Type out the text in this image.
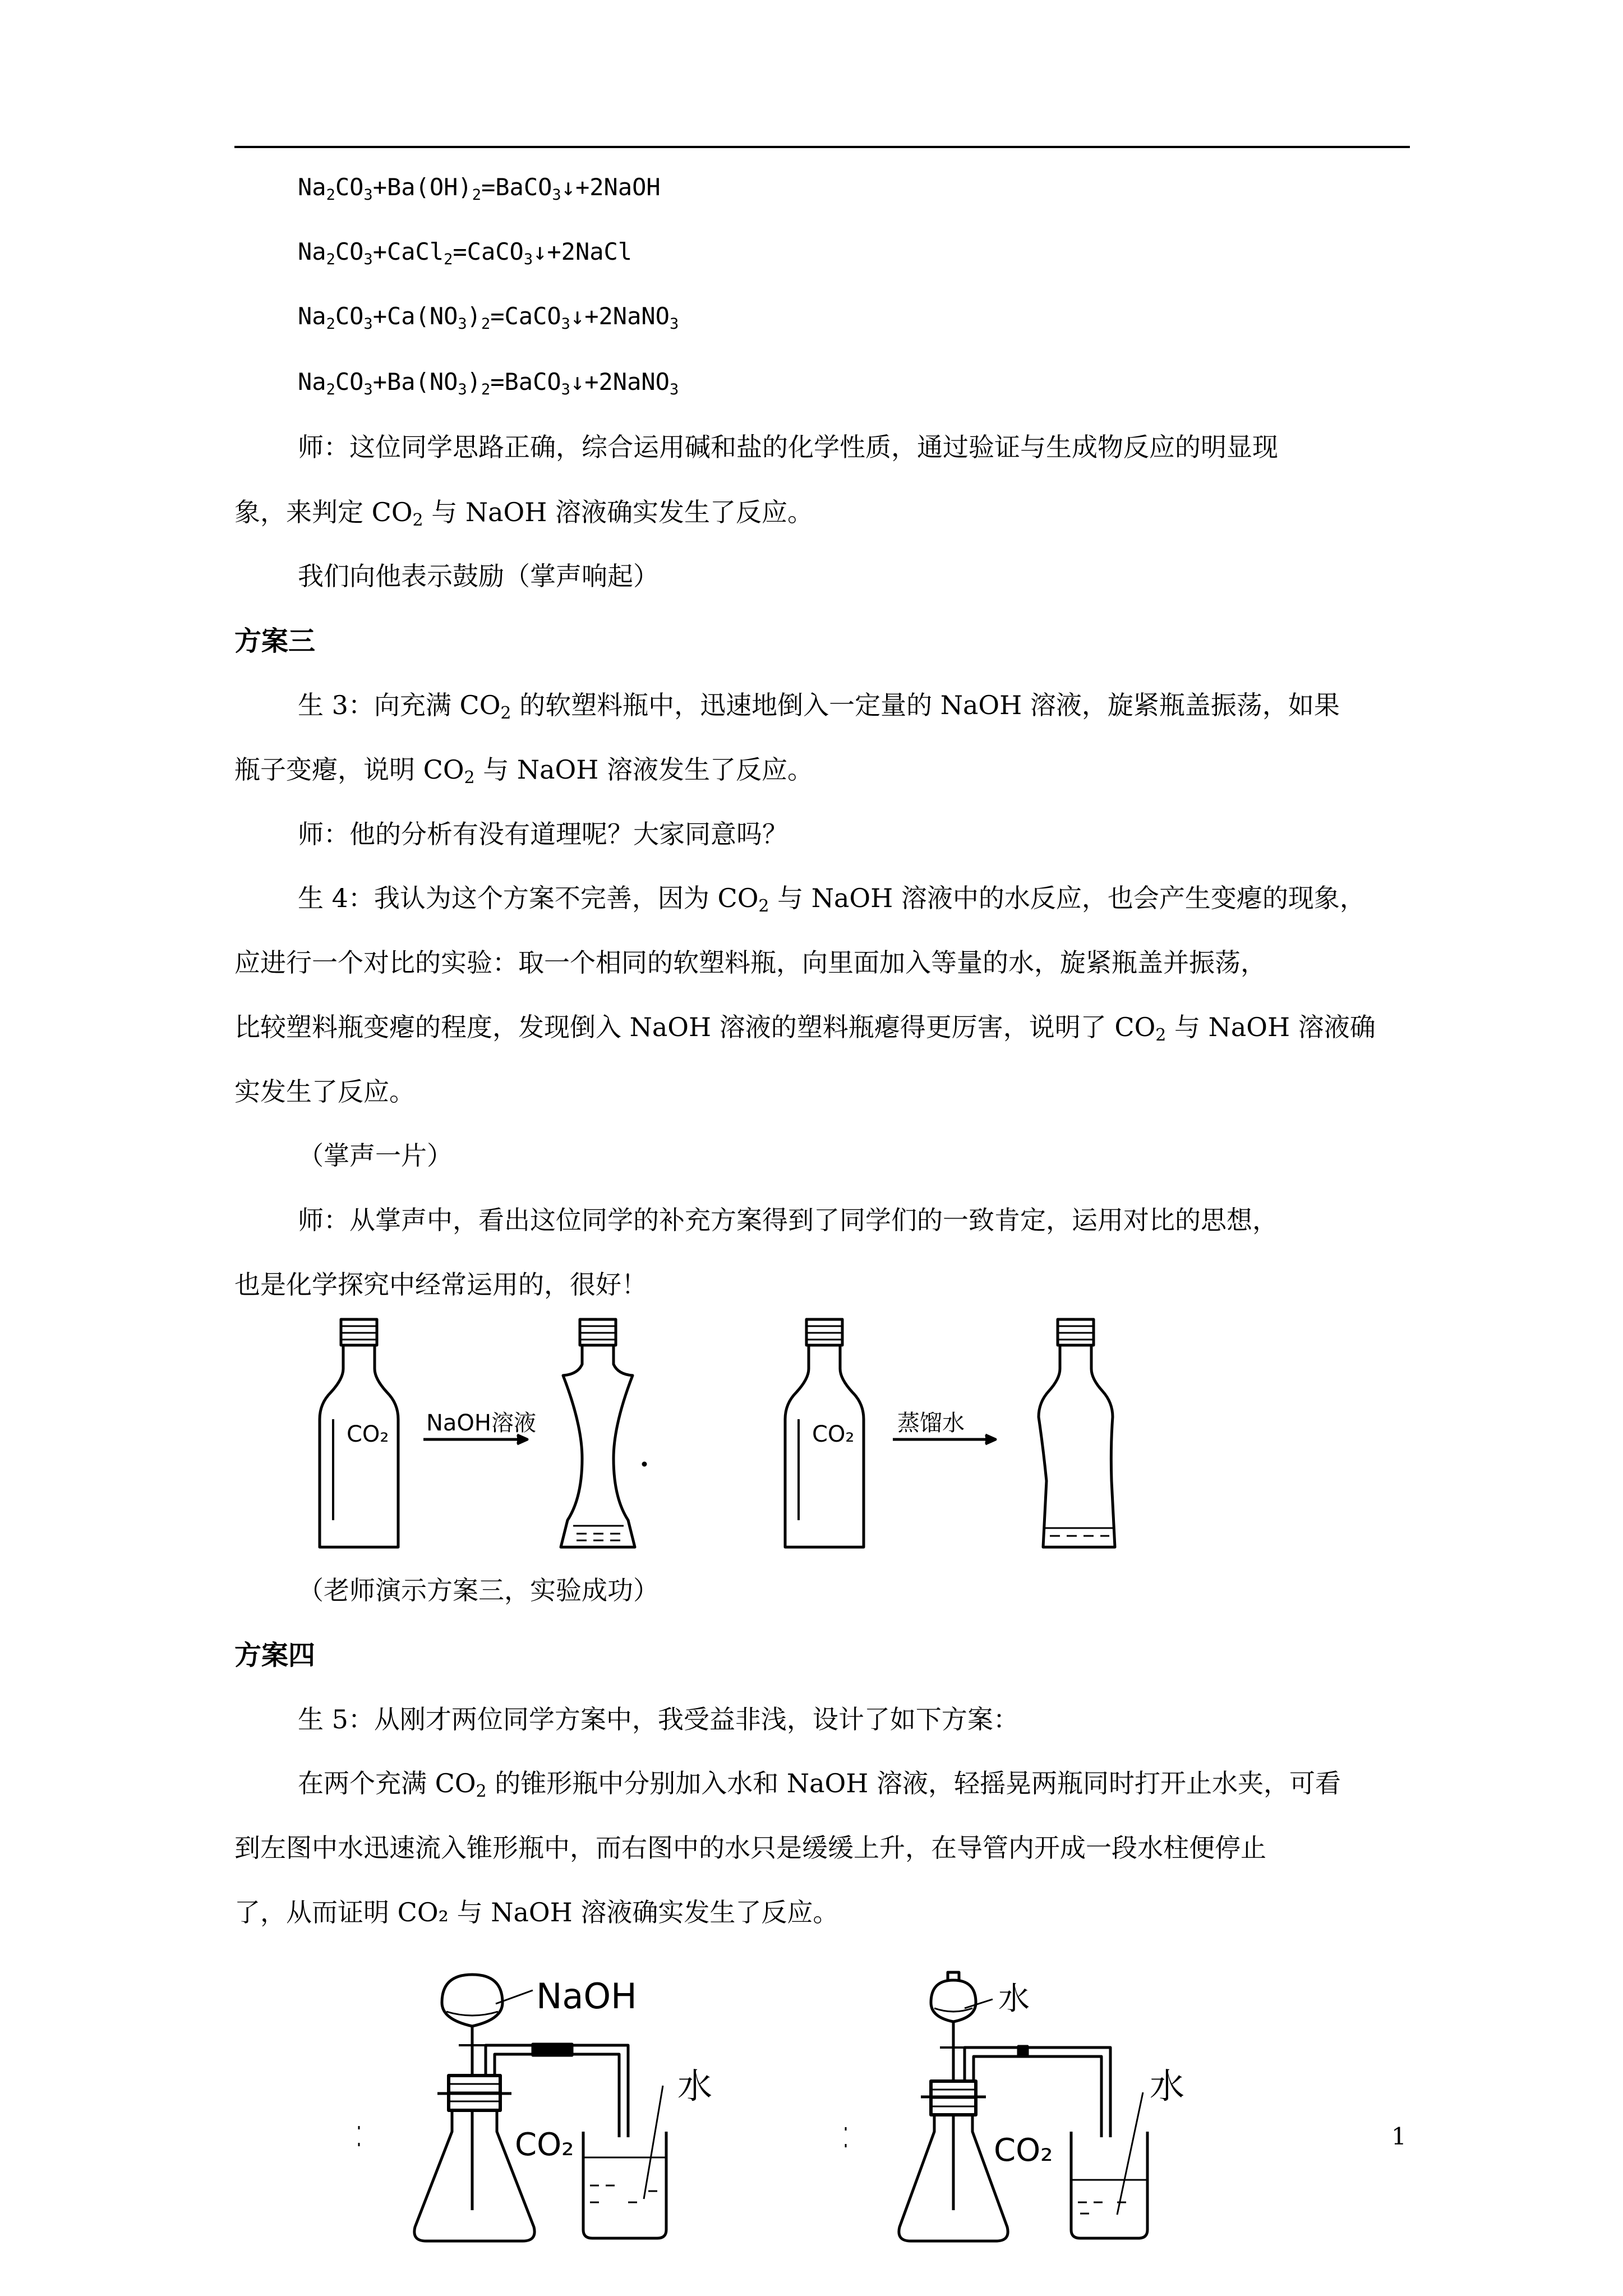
$Na_2CO_3+Ba(OH)_2=BaCO_3↓+2NaOH$

$Na_2CO_3+CaCl_2=CaCO_3↓+2NaCl$

$Na_2CO_3+Ca(NO_3)_2=CaCO_3↓+2NaNO_3$

$Na_2CO_3+Ba(NO_3)_2=BaCO_3↓+2NaNO_3$

师：这位同学思路正确，综合运用碱和盐的化学性质，通过验证与生成物反应的明显现

象，来判定 $CO_2$ 与 NaOH 溶液确实发生了反应。

我们向他表示鼓励（掌声响起）

方案三

生 3：向充满 $CO_2$ 的软塑料瓶中，迅速地倒入一定量的 NaOH 溶液，旋紧瓶盖振荡，如果

瓶子变瘪，说明 $CO_2$ 与 NaOH 溶液发生了反应。

师：他的分析有没有道理呢？大家同意吗？

生 4：我认为这个方案不完善，因为 $CO_2$ 与 NaOH 溶液中的水反应，也会产生变瘪的现象，

应进行一个对比的实验：取一个相同的软塑料瓶，向里面加入等量的水，旋紧瓶盖并振荡，

比较塑料瓶变瘪的程度，发现倒入 NaOH 溶液的塑料瓶瘪得更厉害，说明了 $CO_2$ 与 NaOH 溶液确

实发生了反应。

（掌声一片）

师：从掌声中，看出这位同学的补充方案得到了同学们的一致肯定，运用对比的思想，

也是化学探究中经常运用的，很好！

CO₂ NaOH溶液	CO₂ 蒸馏水

（老师演示方案三，实验成功）

方案四

生 5：从刚才两位同学方案中，我受益非浅，设计了如下方案：

在两个充满 $CO_2$ 的锥形瓶中分别加入水和 NaOH 溶液，轻摇晃两瓶同时打开止水夹，可看

到左图中水迅速流入锥形瓶中，而右图中的水只是缓缓上升，在导管内开成一段水柱便停止

了，从而证明 CO₂ 与 NaOH 溶液确实发生了反应。

NaOH
水
CO₂
水
水
CO₂	1
